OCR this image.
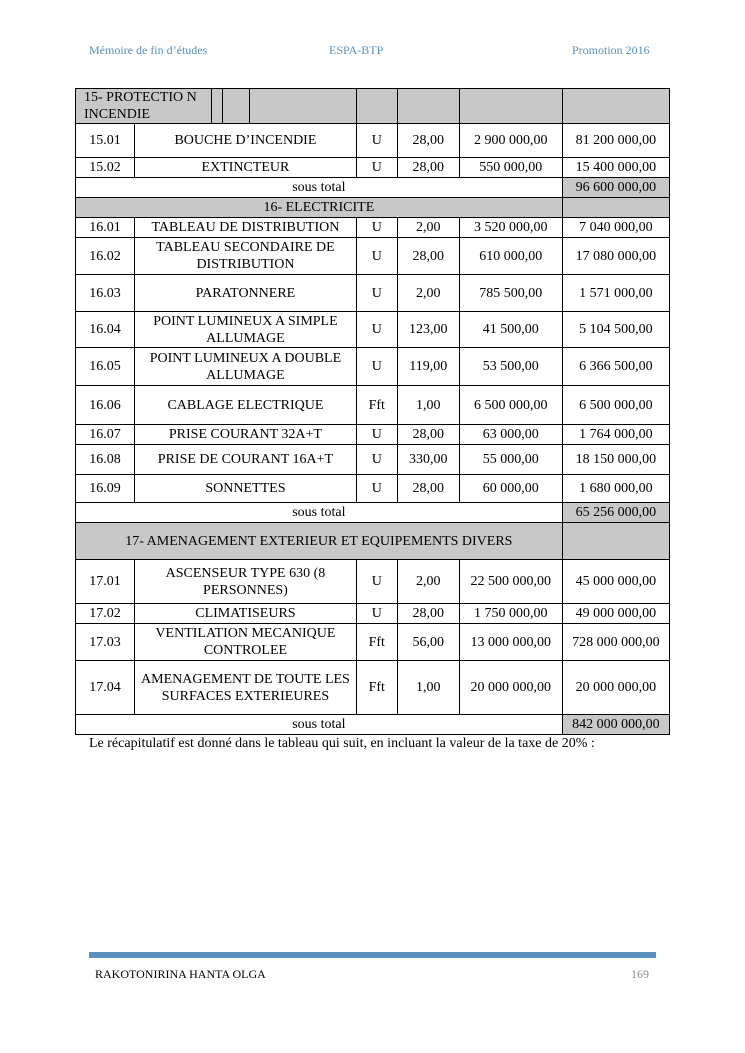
Mémoire de fin d’études	ESPA-BTP	Promotion 2016
15- PROTECTIO N INCENDIE			

15.01	BOUCHE D’INCENDIE	U	28,00	2 900 000,00	81 200 000,00
15.02	EXTINCTEUR	U	28,00	550 000,00	15 400 000,00
sous total	96 600 000,00
16- ELECTRICITE	
16.01	TABLEAU DE DISTRIBUTION	U	2,00	3 520 000,00	7 040 000,00
16.02	TABLEAU SECONDAIRE DE DISTRIBUTION	U	28,00	610 000,00	17 080 000,00
16.03	PARATONNERE	U	2,00	785 500,00	1 571 000,00
16.04	POINT LUMINEUX A SIMPLE ALLUMAGE	U	123,00	41 500,00	5 104 500,00
16.05	POINT LUMINEUX A DOUBLE ALLUMAGE	U	119,00	53 500,00	6 366 500,00
16.06	CABLAGE ELECTRIQUE	Fft	1,00	6 500 000,00	6 500 000,00
16.07	PRISE COURANT 32A+T	U	28,00	63 000,00	1 764 000,00
16.08	PRISE DE COURANT 16A+T	U	330,00	55 000,00	18 150 000,00
16.09	SONNETTES	U	28,00	60 000,00	1 680 000,00
sous total	65 256 000,00
17- AMENAGEMENT EXTERIEUR ET EQUIPEMENTS DIVERS	
17.01	ASCENSEUR TYPE 630 (8 PERSONNES)	U	2,00	22 500 000,00	45 000 000,00
17.02	CLIMATISEURS	U	28,00	1 750 000,00	49 000 000,00
17.03	VENTILATION MECANIQUE CONTROLEE	Fft	56,00	13 000 000,00	728 000 000,00
17.04	AMENAGEMENT DE TOUTE LES SURFACES EXTERIEURES	Fft	1,00	20 000 000,00	20 000 000,00
sous total	842 000 000,00
Le récapitulatif est donné dans le tableau qui suit, en incluant la valeur de la taxe de 20% :
RAKOTONIRINA HANTA OLGA	169
